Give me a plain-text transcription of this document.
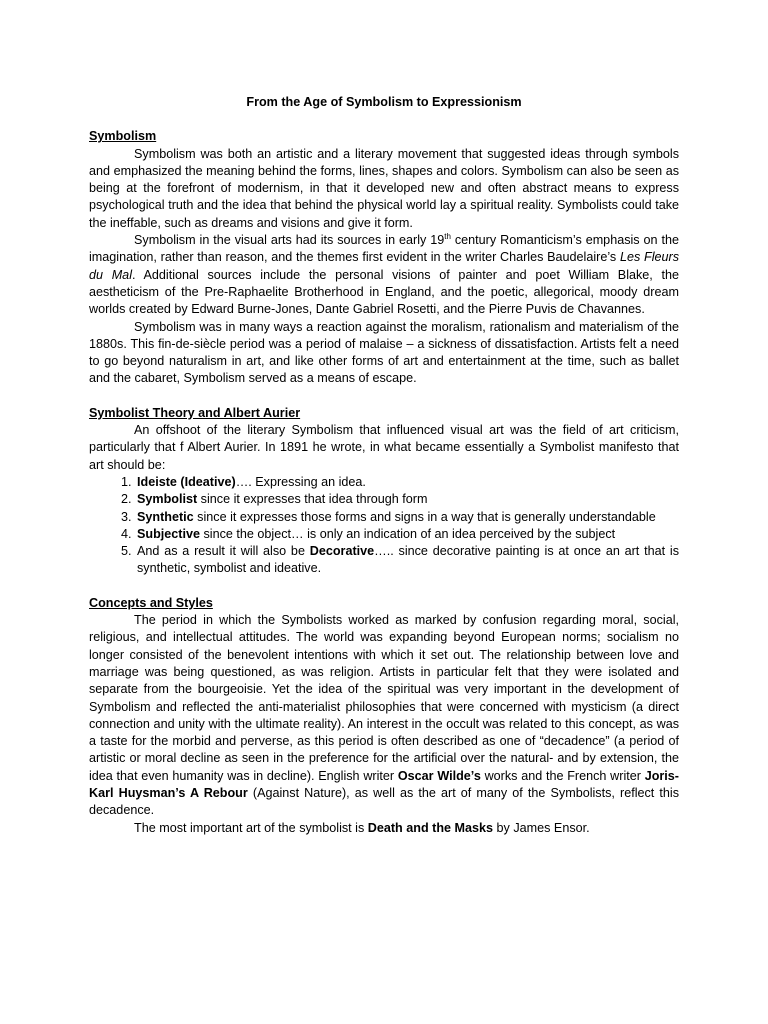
From the Age of Symbolism to Expressionism
Symbolism

Symbolism was both an artistic and a literary movement that suggested ideas through symbols and emphasized the meaning behind the forms, lines, shapes and colors. Symbolism can also be seen as being at the forefront of modernism, in that it developed new and often abstract means to express psychological truth and the idea that behind the physical world lay a spiritual reality. Symbolists could take the ineffable, such as dreams and visions and give it form.

Symbolism in the visual arts had its sources in early 19th century Romanticism’s emphasis on the imagination, rather than reason, and the themes first evident in the writer Charles Baudelaire’s Les Fleurs du Mal. Additional sources include the personal visions of painter and poet William Blake, the aestheticism of the Pre-Raphaelite Brotherhood in England, and the poetic, allegorical, moody dream worlds created by Edward Burne-Jones, Dante Gabriel Rosetti, and the Pierre Puvis de Chavannes.

Symbolism was in many ways a reaction against the moralism, rationalism and materialism of the 1880s. This fin-de-siècle period was a period of malaise – a sickness of dissatisfaction. Artists felt a need to go beyond naturalism in art, and like other forms of art and entertainment at the time, such as ballet and the cabaret, Symbolism served as a means of escape.

Symbolist Theory and Albert Aurier

An offshoot of the literary Symbolism that influenced visual art was the field of art criticism, particularly that f Albert Aurier. In 1891 he wrote, in what became essentially a Symbolist manifesto that art should be:

1. Ideiste (Ideative)…. Expressing an idea.
2. Symbolist since it expresses that idea through form
3. Synthetic since it expresses those forms and signs in a way that is generally understandable
4. Subjective since the object… is only an indication of an idea perceived by the subject
5. And as a result it will also be Decorative….. since decorative painting is at once an art that is synthetic, symbolist and ideative.
Concepts and Styles

The period in which the Symbolists worked as marked by confusion regarding moral, social, religious, and intellectual attitudes. The world was expanding beyond European norms; socialism no longer consisted of the benevolent intentions with which it set out. The relationship between love and marriage was being questioned, as was religion. Artists in particular felt that they were isolated and separate from the bourgeoisie. Yet the idea of the spiritual was very important in the development of Symbolism and reflected the anti-materialist philosophies that were concerned with mysticism (a direct connection and unity with the ultimate reality). An interest in the occult was related to this concept, as was a taste for the morbid and perverse, as this period is often described as one of “decadence” (a period of artistic or moral decline as seen in the preference for the artificial over the natural- and by extension, the idea that even humanity was in decline). English writer Oscar Wilde’s works and the French writer Joris-Karl Huysman’s A Rebour (Against Nature), as well as the art of many of the Symbolists, reflect this decadence.

The most important art of the symbolist is Death and the Masks by James Ensor.
